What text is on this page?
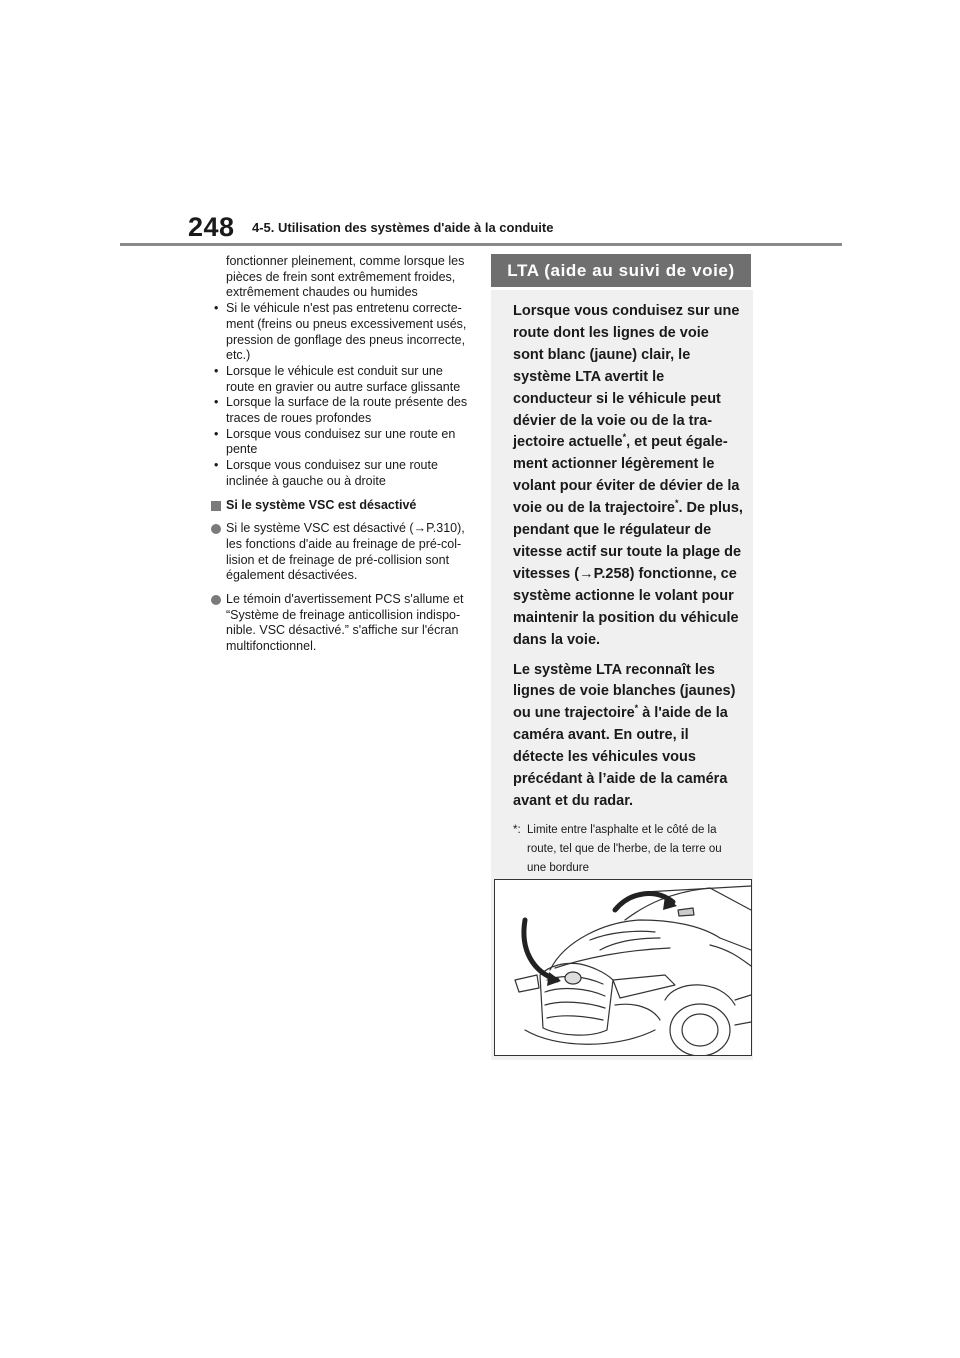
248 4-5. Utilisation des systèmes d'aide à la conduite

fonctionner pleinement, comme lorsque les pièces de frein sont extrêmement froides, extrêmement chaudes ou humides

• Si le véhicule n'est pas entretenu correcte-ment (freins ou pneus excessivement usés, pression de gonflage des pneus incorrecte, etc.)
• Lorsque le véhicule est conduit sur une route en gravier ou autre surface glissante
• Lorsque la surface de la route présente des traces de roues profondes
• Lorsque vous conduisez sur une route en pente
• Lorsque vous conduisez sur une route inclinée à gauche ou à droite
Si le système VSC est désactivé
Si le système VSC est désactivé (→P.310), les fonctions d'aide au freinage de pré-col-lision et de freinage de pré-collision sont également désactivées.
Le témoin d'avertissement PCS s'allume et “Système de freinage anticollision indispo-nible. VSC désactivé.” s'affiche sur l'écran multifonctionnel.
LTA (aide au suivi de voie)

Lorsque vous conduisez sur une route dont les lignes de voie sont blanc (jaune) clair, le système LTA avertit le conducteur si le véhicule peut dévier de la voie ou de la tra-jectoire actuelle*, et peut égale-ment actionner légèrement le volant pour éviter de dévier de la voie ou de la trajectoire*. De plus, pendant que le régulateur de vitesse actif sur toute la plage de vitesses (→P.258) fonctionne, ce système actionne le volant pour maintenir la position du véhicule dans la voie.

Le système LTA reconnaît les lignes de voie blanches (jaunes) ou une trajectoire* à l'aide de la caméra avant. En outre, il détecte les véhicules vous précédant à l’aide de la caméra avant et du radar.

*: Limite entre l'asphalte et le côté de la route, tel que de l'herbe, de la terre ou une bordure
